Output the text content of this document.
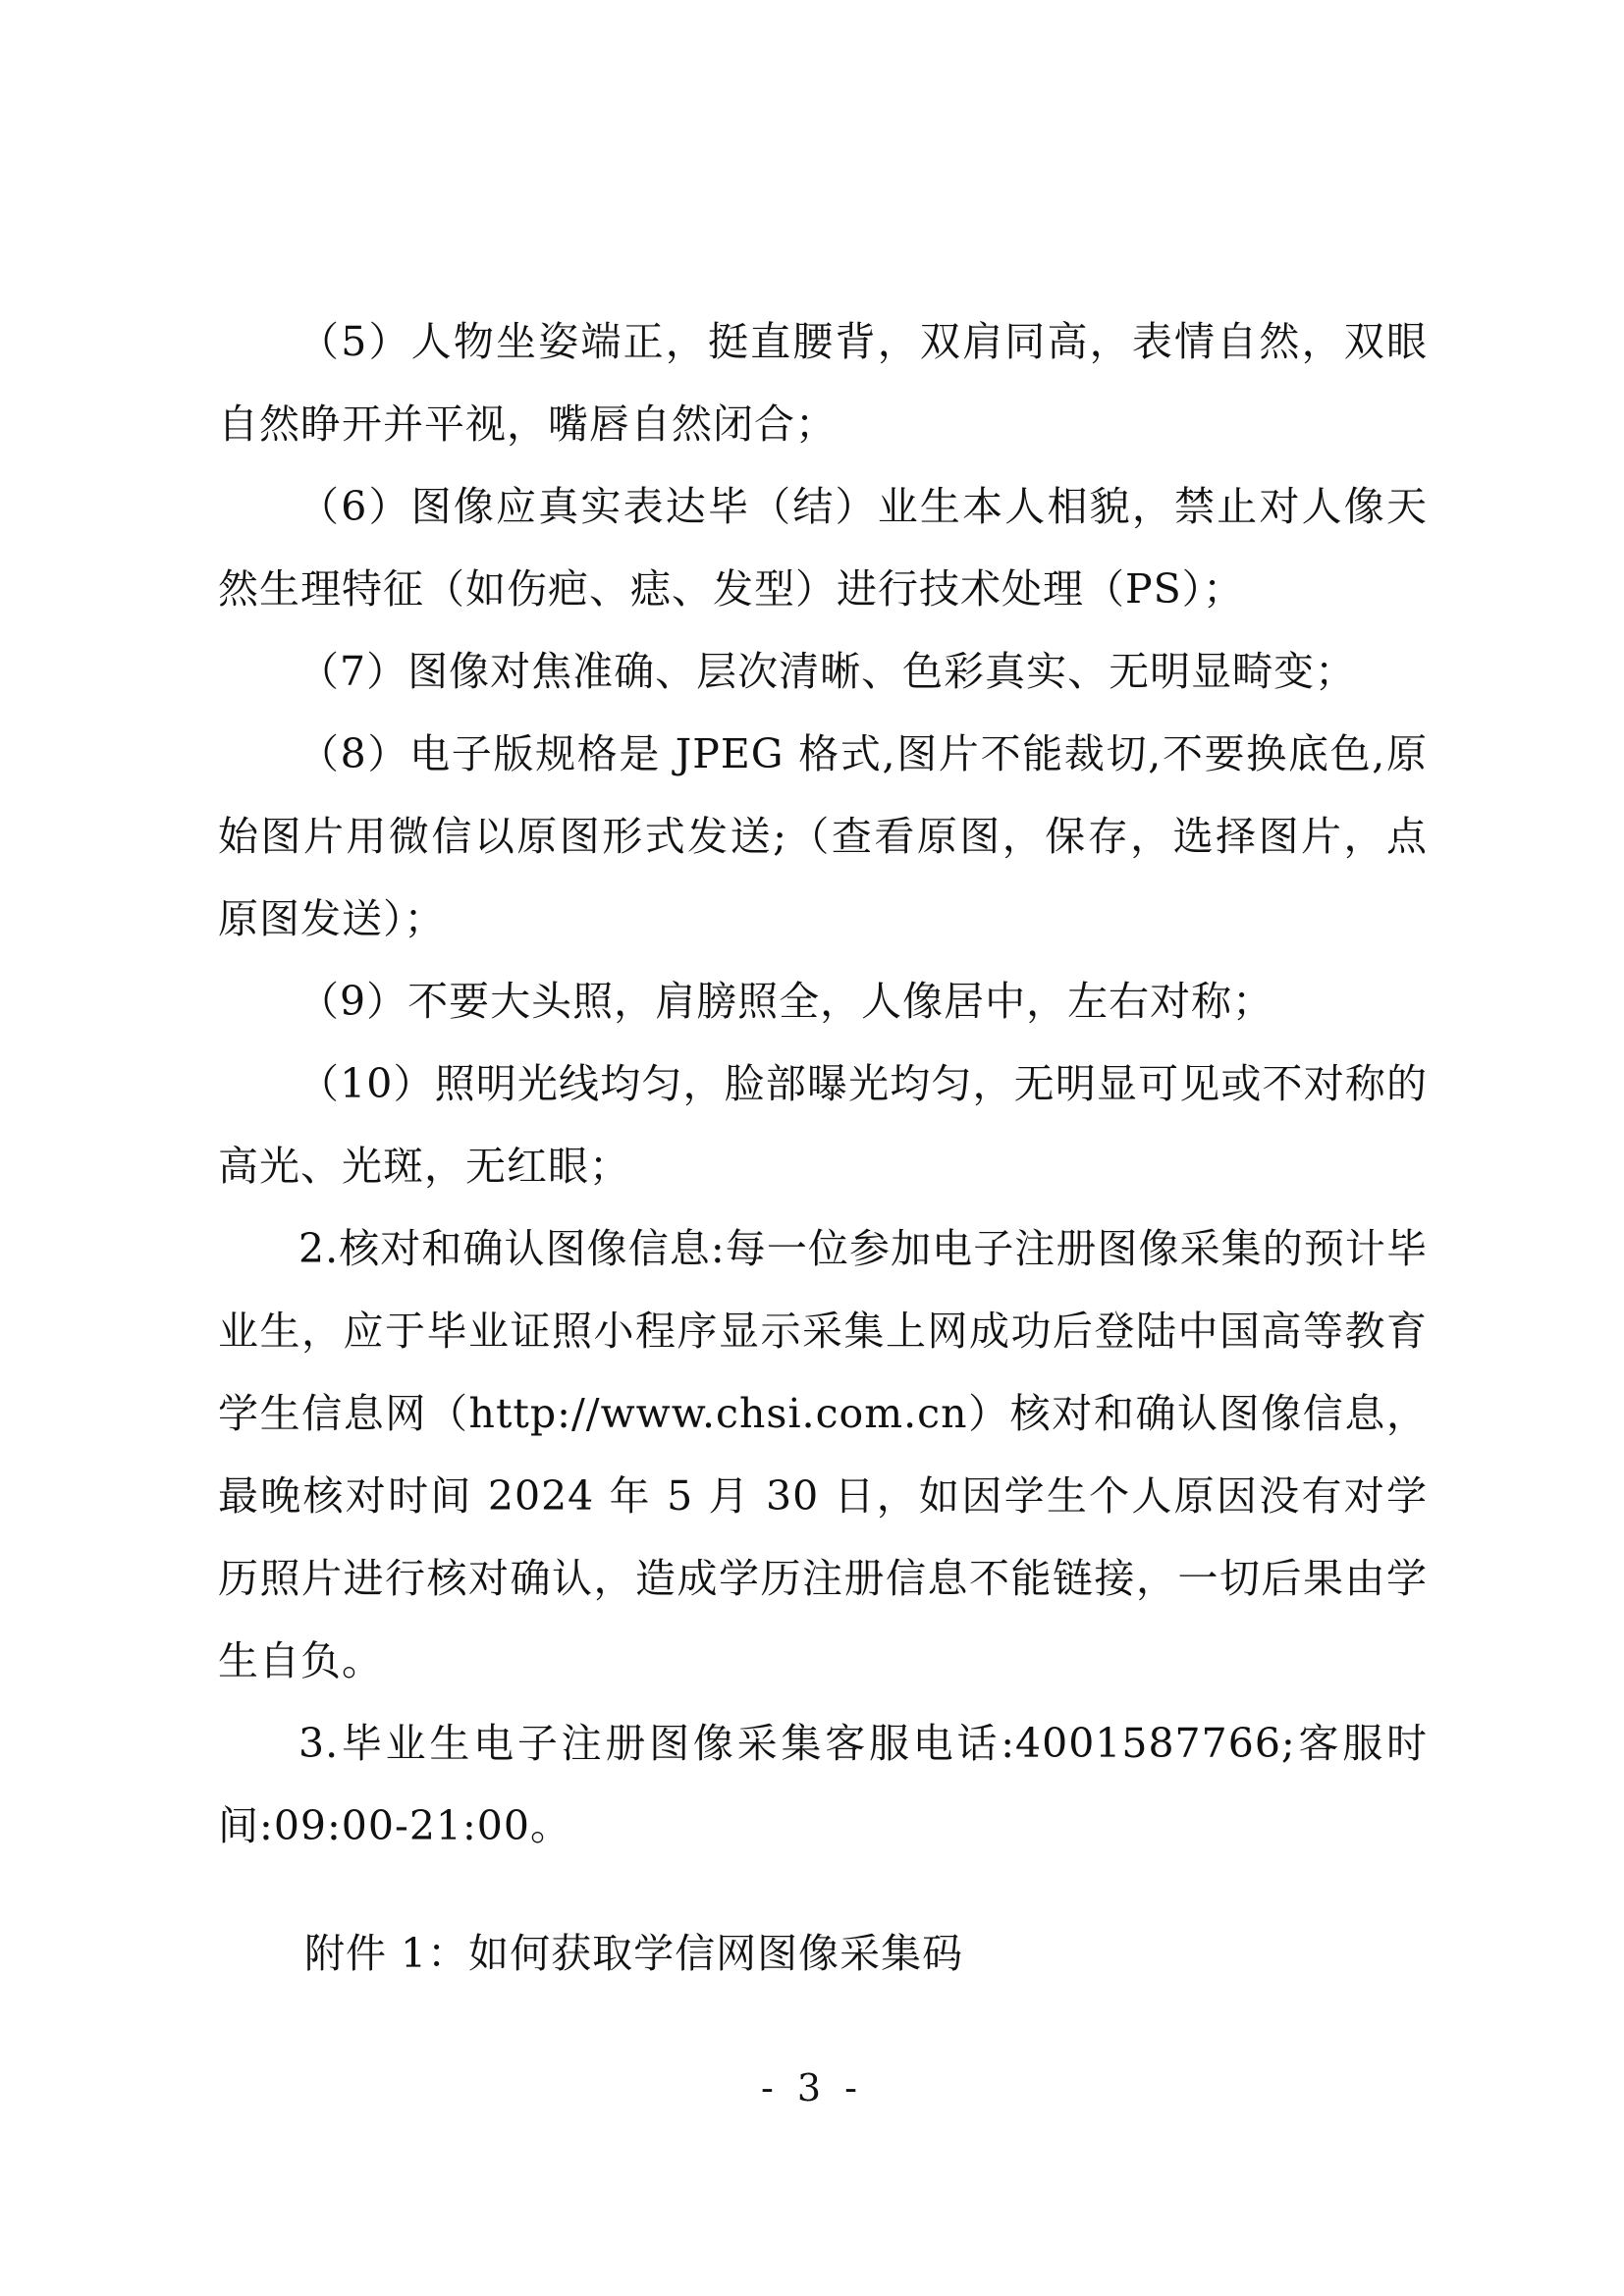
（5）人物坐姿端正，挺直腰背，双肩同高，表情自然，双眼自然睁开并平视，嘴唇自然闭合；

（6）图像应真实表达毕（结）业生本人相貌，禁止对人像天然生理特征（如伤疤、痣、发型）进行技术处理（PS）；

（7）图像对焦准确、层次清晰、色彩真实、无明显畸变；

（8）电子版规格是 JPEG 格式,图片不能裁切,不要换底色,原始图片用微信以原图形式发送;（查看原图，保存，选择图片，点原图发送）；

（9）不要大头照，肩膀照全，人像居中，左右对称；

（10）照明光线均匀，脸部曝光均匀，无明显可见或不对称的高光、光斑，无红眼；

2.核对和确认图像信息:每一位参加电子注册图像采集的预计毕业生，应于毕业证照小程序显示采集上网成功后登陆中国高等教育学生信息网（http://www.chsi.com.cn）核对和确认图像信息，最晚核对时间 2024 年 5 月 30 日，如因学生个人原因没有对学历照片进行核对确认，造成学历注册信息不能链接，一切后果由学生自负。

3.毕业生电子注册图像采集客服电话:4001587766;客服时间:09:00-21:00。

附件 1：如何获取学信网图像采集码
- 3 -
